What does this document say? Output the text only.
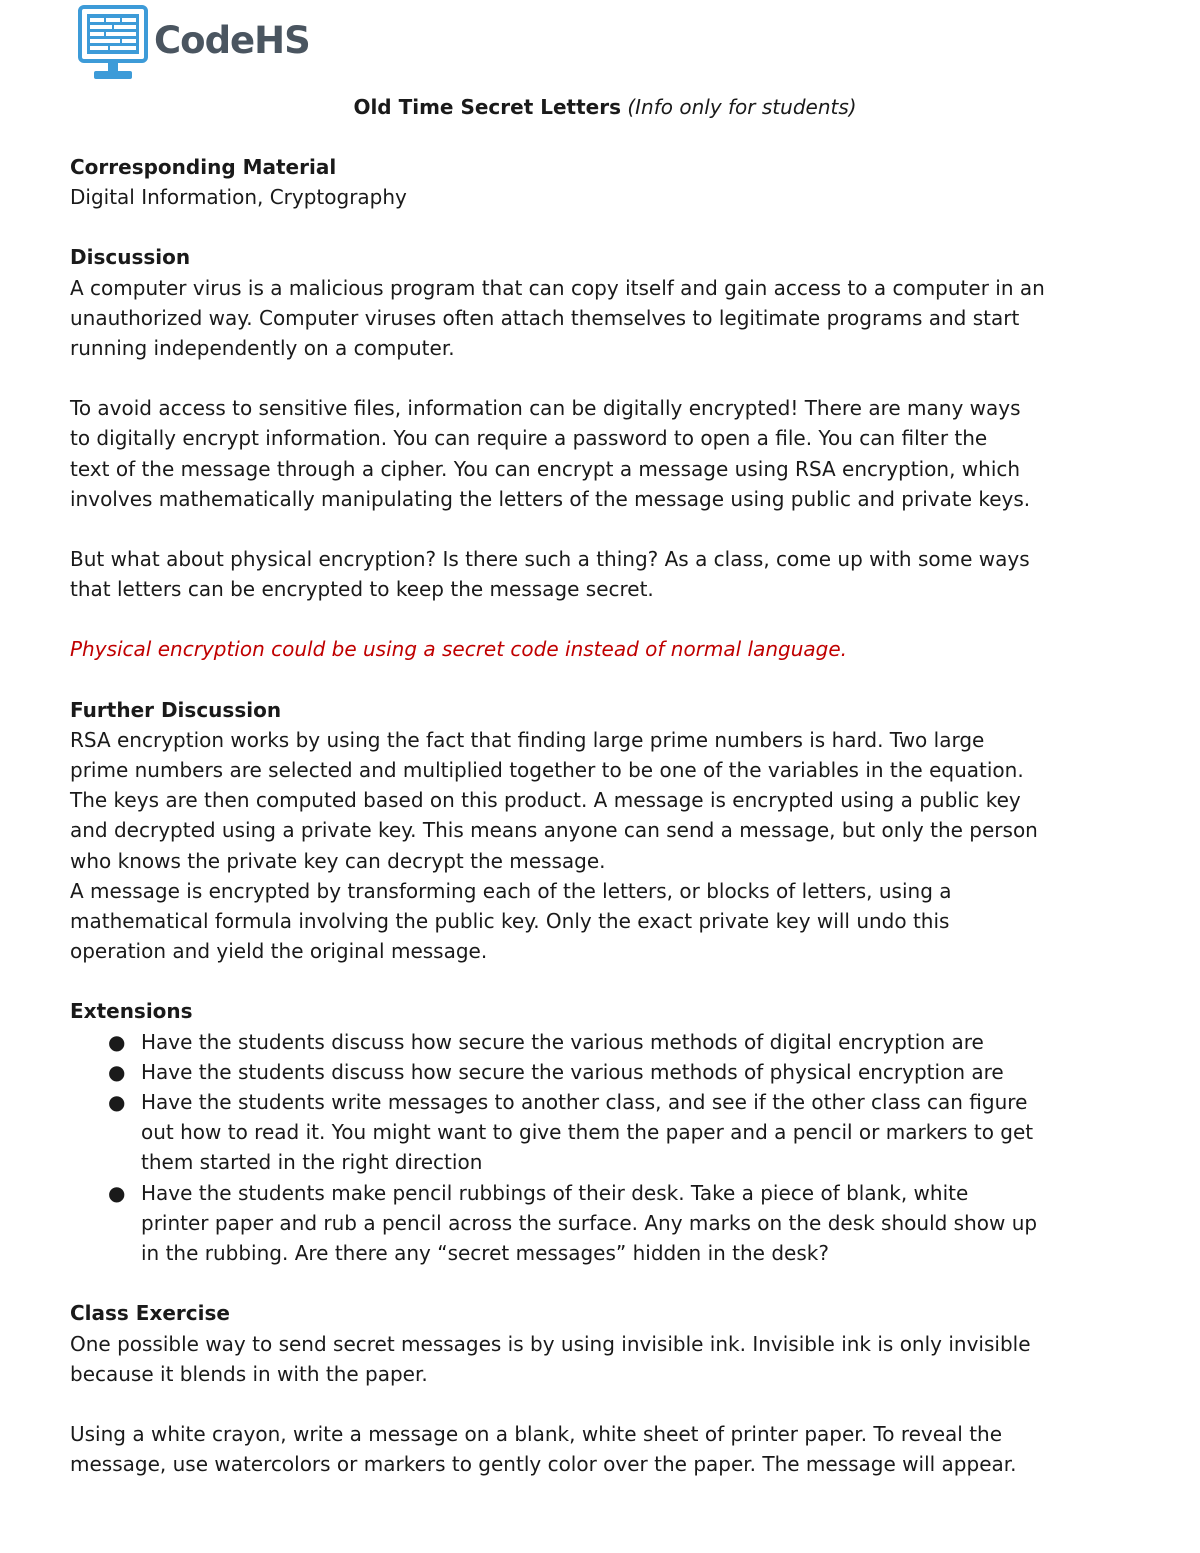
CodeHS

Old Time Secret Letters (Info only for students)

Corresponding Material

Digital Information, Cryptography

Discussion

A computer virus is a malicious program that can copy itself and gain access to a computer in an
unauthorized way. Computer viruses often attach themselves to legitimate programs and start
running independently on a computer.
To avoid access to sensitive files, information can be digitally encrypted! There are many ways
to digitally encrypt information. You can require a password to open a file. You can filter the
text of the message through a cipher. You can encrypt a message using RSA encryption, which
involves mathematically manipulating the letters of the message using public and private keys.
But what about physical encryption? Is there such a thing? As a class, come up with some ways
that letters can be encrypted to keep the message secret.

Physical encryption could be using a secret code instead of normal language.

Further Discussion

RSA encryption works by using the fact that finding large prime numbers is hard. Two large
prime numbers are selected and multiplied together to be one of the variables in the equation.
The keys are then computed based on this product. A message is encrypted using a public key
and decrypted using a private key. This means anyone can send a message, but only the person
who knows the private key can decrypt the message.
A message is encrypted by transforming each of the letters, or blocks of letters, using a
mathematical formula involving the public key. Only the exact private key will undo this
operation and yield the original message.

Extensions

● Have the students discuss how secure the various methods of digital encryption are
● Have the students discuss how secure the various methods of physical encryption are
● Have the students write messages to another class, and see if the other class can figure
out how to read it. You might want to give them the paper and a pencil or markers to get
them started in the right direction
● Have the students make pencil rubbings of their desk. Take a piece of blank, white
printer paper and rub a pencil across the surface. Any marks on the desk should show up
in the rubbing. Are there any “secret messages” hidden in the desk?

Class Exercise

One possible way to send secret messages is by using invisible ink. Invisible ink is only invisible
because it blends in with the paper.
Using a white crayon, write a message on a blank, white sheet of printer paper. To reveal the
message, use watercolors or markers to gently color over the paper. The message will appear.
